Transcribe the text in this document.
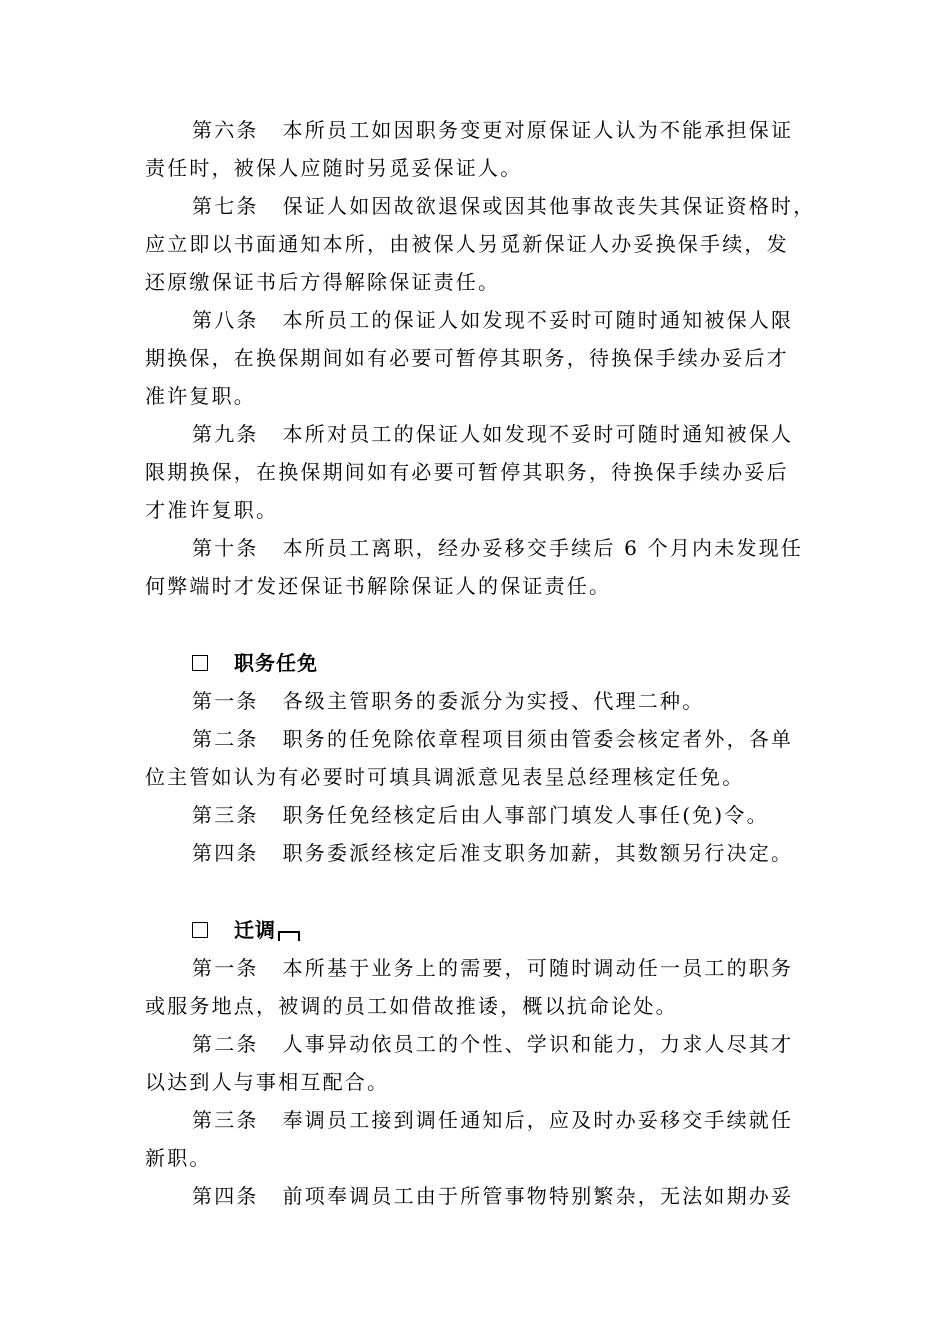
第六条 本所员工如因职务变更对原保证人认为不能承担保证
责任时，被保人应随时另觅妥保证人。
第七条 保证人如因故欲退保或因其他事故丧失其保证资格时，
应立即以书面通知本所，由被保人另觅新保证人办妥换保手续，发
还原缴保证书后方得解除保证责任。
第八条 本所员工的保证人如发现不妥时可随时通知被保人限
期换保，在换保期间如有必要可暂停其职务，待换保手续办妥后才
准许复职。
第九条 本所对员工的保证人如发现不妥时可随时通知被保人
限期换保，在换保期间如有必要可暂停其职务，待换保手续办妥后
才准许复职。
第十条 本所员工离职，经办妥移交手续后 6 个月内未发现任
何弊端时才发还保证书解除保证人的保证责任。
职务任免
第一条 各级主管职务的委派分为实授、代理二种。
第二条 职务的任免除依章程项目须由管委会核定者外，各单
位主管如认为有必要时可填具调派意见表呈总经理核定任免。
第三条 职务任免经核定后由人事部门填发人事任(免)令。
第四条 职务委派经核定后准支职务加薪，其数额另行决定。
迁调
第一条 本所基于业务上的需要，可随时调动任一员工的职务
或服务地点，被调的员工如借故推诿，概以抗命论处。
第二条 人事异动依员工的个性、学识和能力，力求人尽其才
以达到人与事相互配合。
第三条 奉调员工接到调任通知后，应及时办妥移交手续就任
新职。
第四条 前项奉调员工由于所管事物特别繁杂，无法如期办妥
